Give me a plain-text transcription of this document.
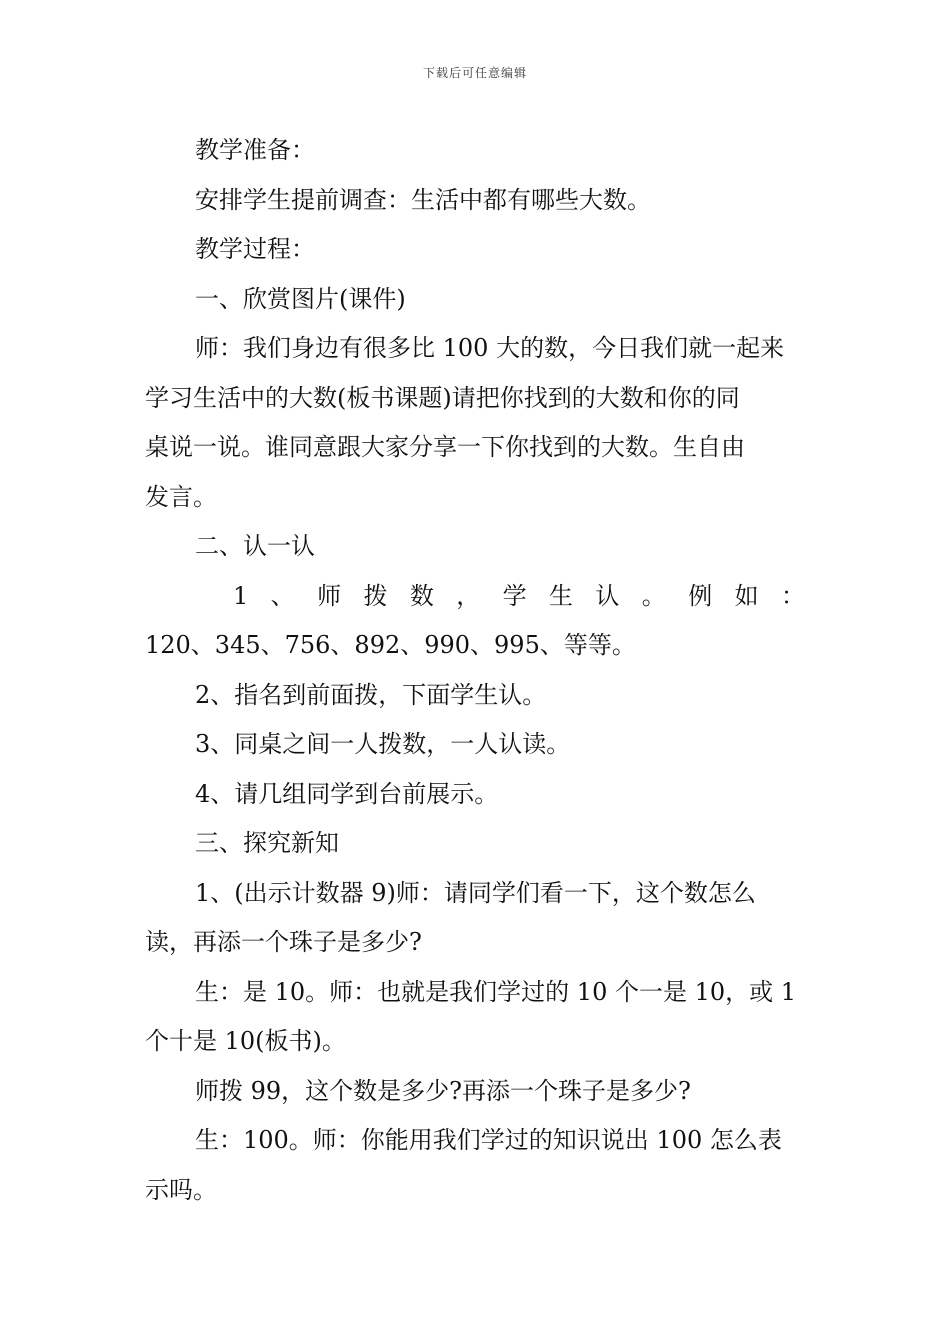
下载后可任意编辑
教学准备：
安排学生提前调查：生活中都有哪些大数。
教学过程：
一、欣赏图片(课件)
师：我们身边有很多比 100 大的数，今日我们就一起来
学习生活中的大数(板书课题)请把你找到的大数和你的同
桌说一说。谁同意跟大家分享一下你找到的大数。生自由
发言。
二、认一认
1 、 师 拨 数 ， 学 生 认 。 例 如 ：
120、345、756、892、990、995、等等。
2、指名到前面拨，下面学生认。
3、同桌之间一人拨数，一人认读。
4、请几组同学到台前展示。
三、探究新知
1、(出示计数器 9)师：请同学们看一下，这个数怎么
读，再添一个珠子是多少?
生：是 10。师：也就是我们学过的 10 个一是 10，或 1
个十是 10(板书)。
师拨 99，这个数是多少?再添一个珠子是多少?
生：100。师：你能用我们学过的知识说出 100 怎么表
示吗。
